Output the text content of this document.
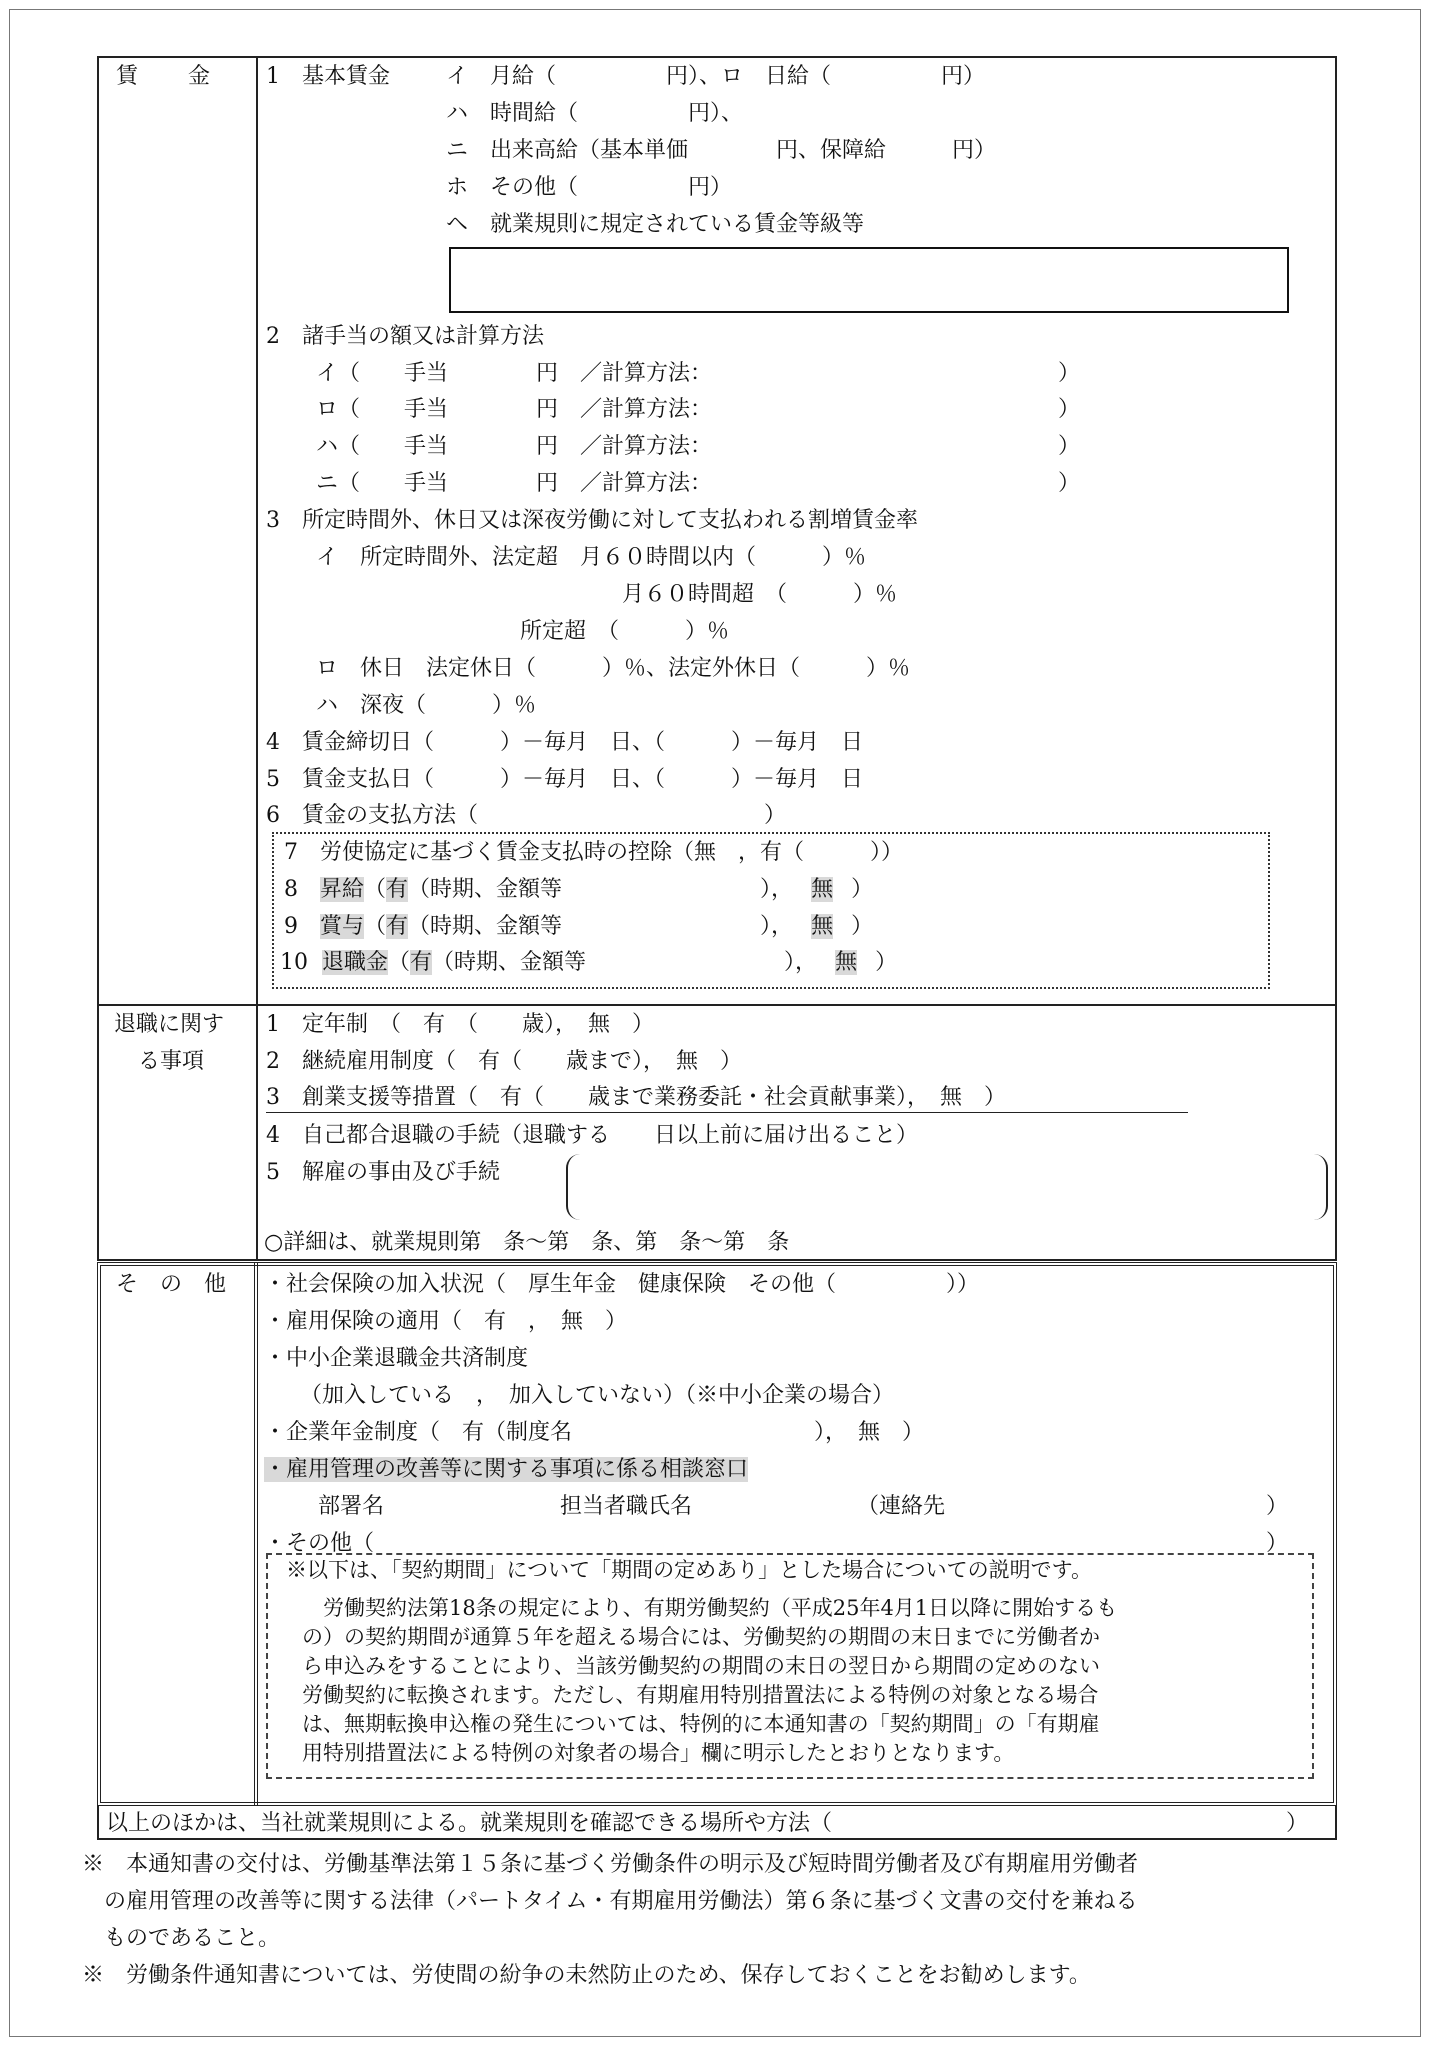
賃　　金 1　基本賃金	イ　月給（　　　　　円）、ロ　日給（　　　　　円）
ハ　時間給（　　　　　円）、
ニ　出来高給（基本単価　　　　円、保障給　　　円）
ホ　その他（　　　　　円）
ヘ　就業規則に規定されている賃金等級等
2　諸手当の額又は計算方法
イ（　　手当　　　　円　／計算方法：	）
ロ（　　手当　　　　円　／計算方法：	）
ハ（　　手当　　　　円　／計算方法：	）
ニ（　　手当　　　　円　／計算方法：	）
3　所定時間外、休日又は深夜労働に対して支払われる割増賃金率
イ　所定時間外、法定超　月６０時間以内（　　　）％
月６０時間超　（　　　）％
所定超　（　　　）％
ロ　休日　法定休日（　　　）％、法定外休日（　　　）％
ハ　深夜（　　　）％
4　賃金締切日（　　　）－毎月　日、（　　　）－毎月　日
5　賃金支払日（　　　）－毎月　日、（　　　）－毎月　日
6　賃金の支払方法（　　　　　　　　　　　　　）
7　労使協定に基づく賃金支払時の控除（無　，有（　　　））
8 昇給（有（時期、金額等　　　　　　　　　）， 無 ）
9 賞与（有（時期、金額等　　　　　　　　　）， 無 ）
10 退職金（有（時期、金額等　　　　　　　　　）， 無 ）
退職に関す
る事項
1　定年制　（　有　（　　歳），　無　）
2　継続雇用制度（　有（　　歳まで），　無　）
3　創業支援等措置（　有（　　歳まで業務委託・社会貢献事業），　無　）
4　自己都合退職の手続（退職する　　日以上前に届け出ること）
5　解雇の事由及び手続
○詳細は、就業規則第　条～第　条、第　条～第　条
そ　の　他 ・社会保険の加入状況（　厚生年金　健康保険　その他（　　　　　））
・雇用保険の適用（　有　，　無　）
・中小企業退職金共済制度
（加入している　，　加入していない）（※中小企業の場合）
・企業年金制度（　有（制度名　　　　　　　　　　　），　無　）
・雇用管理の改善等に関する事項に係る相談窓口
部署名　　　　　　　　担当者職氏名　　　　　　　　（連絡先	）
・その他（	）
※以下は、「契約期間」について「期間の定めあり」とした場合についての説明です。
　労働契約法第18条の規定により、有期労働契約（平成25年4月1日以降に開始するも
の）の契約期間が通算５年を超える場合には、労働契約の期間の末日までに労働者か
ら申込みをすることにより、当該労働契約の期間の末日の翌日から期間の定めのない
労働契約に転換されます。ただし、有期雇用特別措置法による特例の対象となる場合
は、無期転換申込権の発生については、特例的に本通知書の「契約期間」の「有期雇
用特別措置法による特例の対象者の場合」欄に明示したとおりとなります。
以上のほかは、当社就業規則による。就業規則を確認できる場所や方法（	）
※　本通知書の交付は、労働基準法第１５条に基づく労働条件の明示及び短時間労働者及び有期雇用労働者
　の雇用管理の改善等に関する法律（パートタイム・有期雇用労働法）第６条に基づく文書の交付を兼ねる
　ものであること。
※　労働条件通知書については、労使間の紛争の未然防止のため、保存しておくことをお勧めします。
